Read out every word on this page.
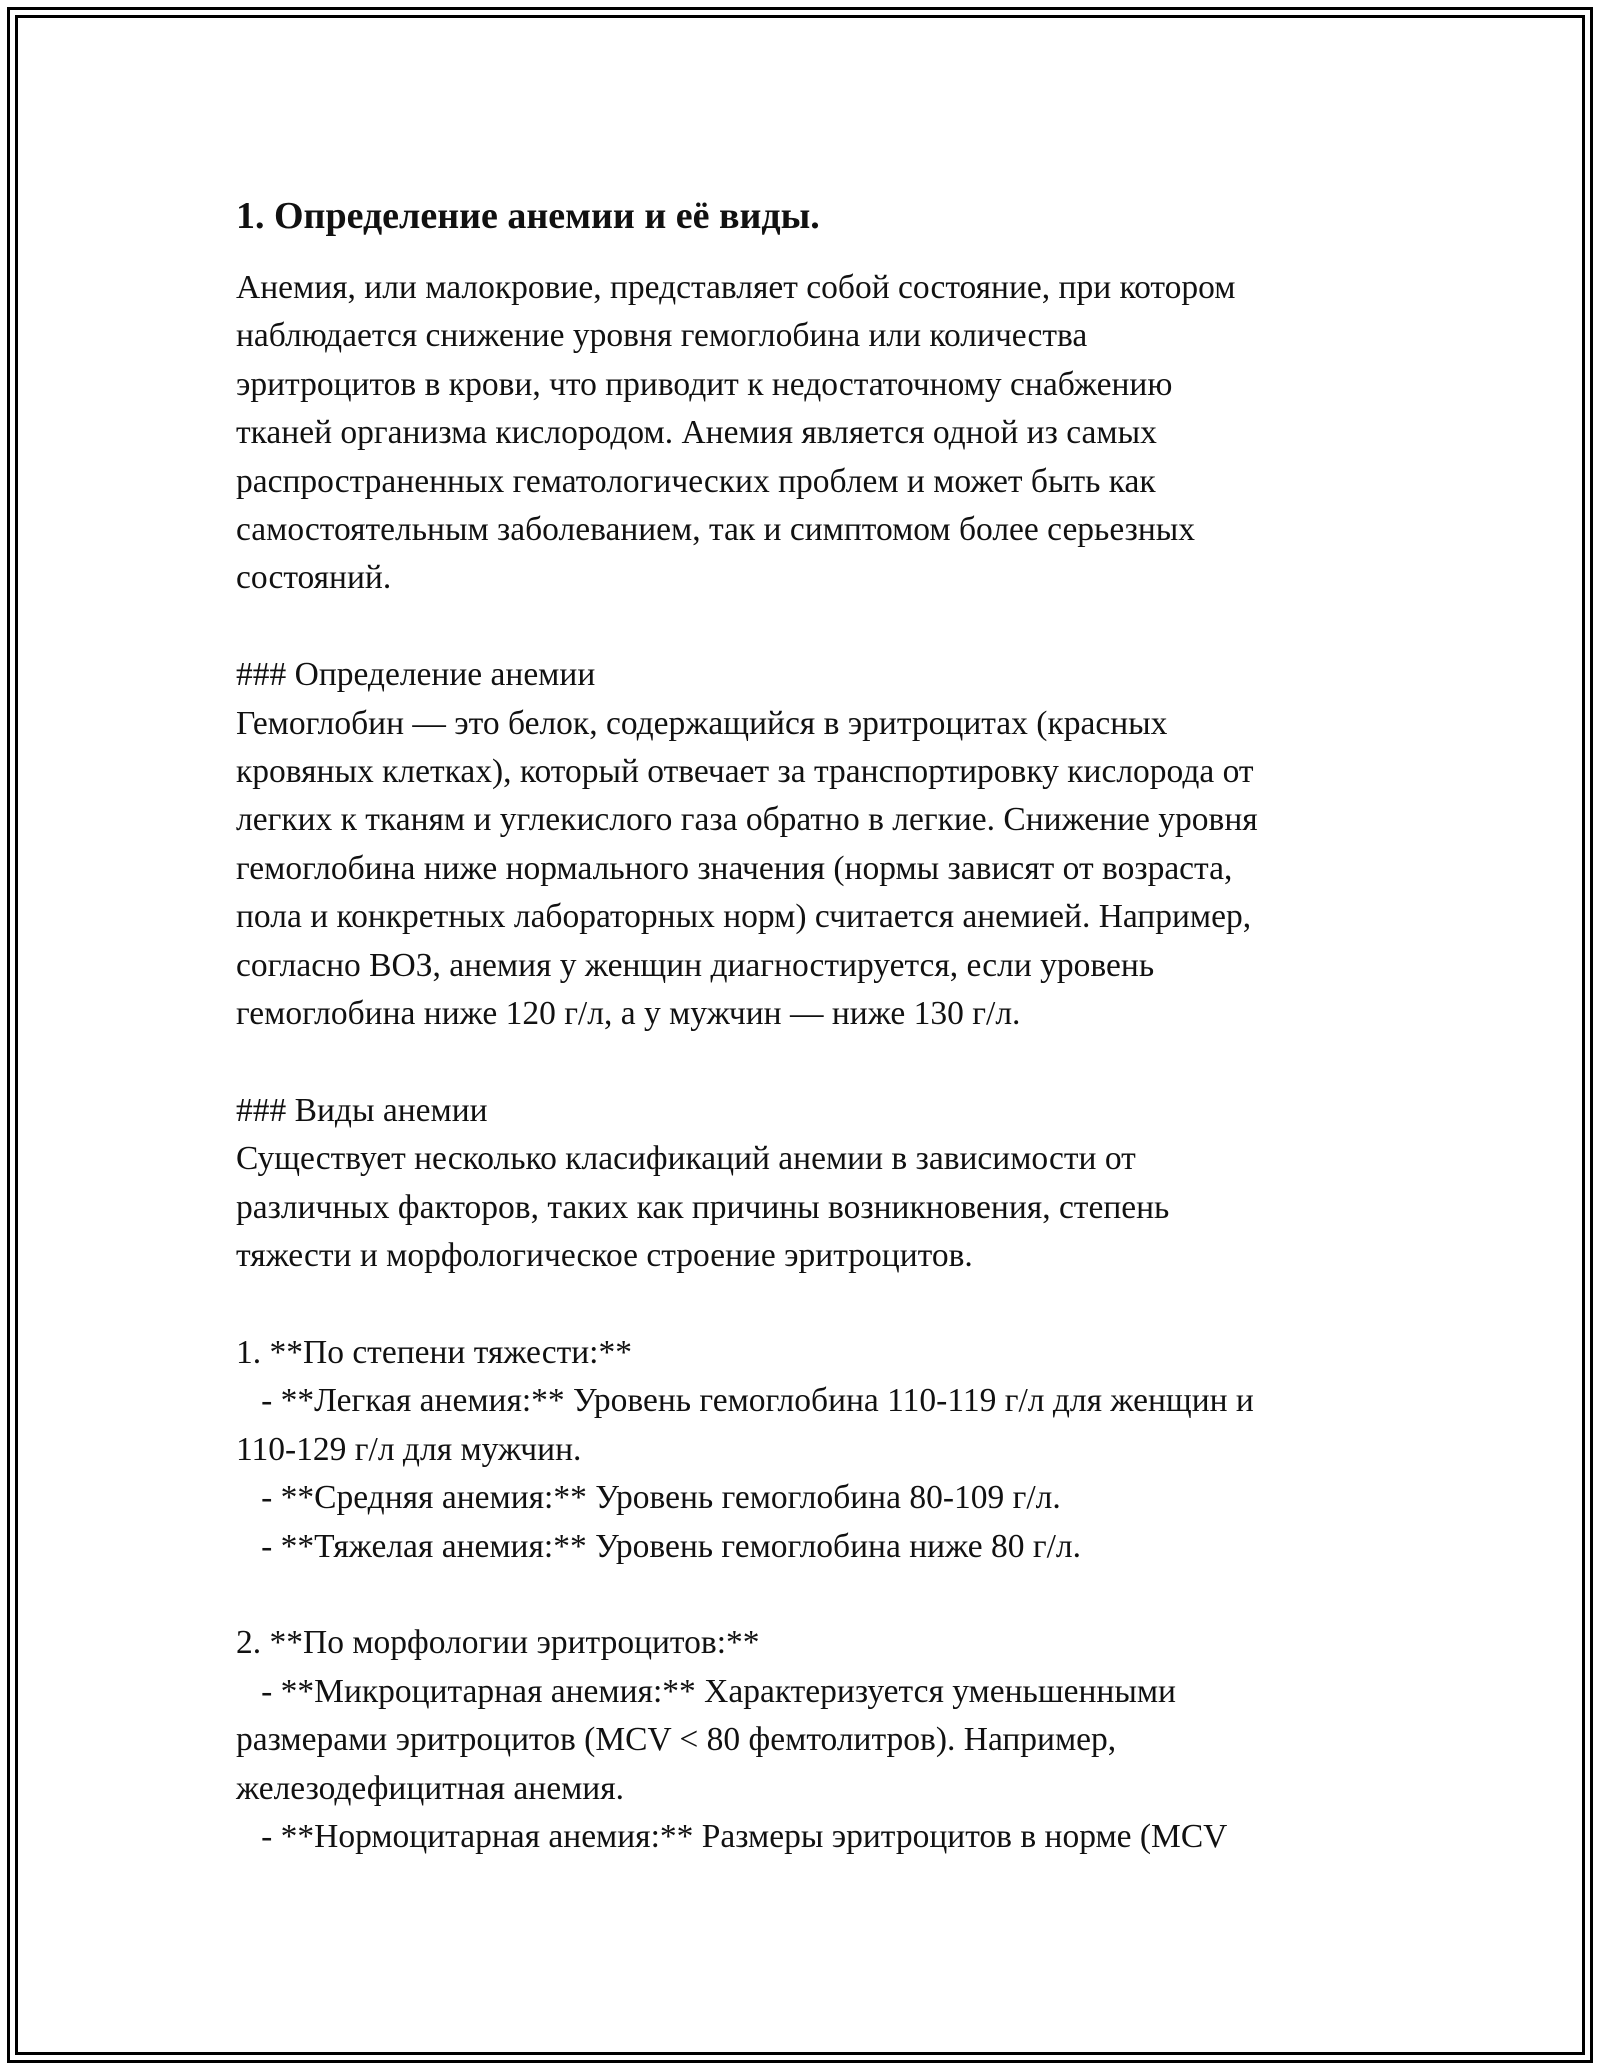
1. Определение анемии и её виды.

Анемия, или малокровие, представляет собой состояние, при котором

наблюдается снижение уровня гемоглобина или количества

эритроцитов в крови, что приводит к недостаточному снабжению

тканей организма кислородом. Анемия является одной из самых

распространенных гематологических проблем и может быть как

самостоятельным заболеванием, так и симптомом более серьезных

состояний.

### Определение анемии

Гемоглобин — это белок, содержащийся в эритроцитах (красных

кровяных клетках), который отвечает за транспортировку кислорода от

легких к тканям и углекислого газа обратно в легкие. Снижение уровня

гемоглобина ниже нормального значения (нормы зависят от возраста,

пола и конкретных лабораторных норм) считается анемией. Например,

согласно ВОЗ, анемия у женщин диагностируется, если уровень

гемоглобина ниже 120 г/л, а у мужчин — ниже 130 г/л.

### Виды анемии

Существует несколько класификаций анемии в зависимости от

различных факторов, таких как причины возникновения, степень

тяжести и морфологическое строение эритроцитов.

1. **По степени тяжести:**

- **Легкая анемия:** Уровень гемоглобина 110-119 г/л для женщин и

110-129 г/л для мужчин.

- **Средняя анемия:** Уровень гемоглобина 80-109 г/л.

- **Тяжелая анемия:** Уровень гемоглобина ниже 80 г/л.

2. **По морфологии эритроцитов:**

- **Микроцитарная анемия:** Характеризуется уменьшенными

размерами эритроцитов (MCV < 80 фемтолитров). Например,

железодефицитная анемия.

- **Нормоцитарная анемия:** Размеры эритроцитов в норме (MCV
